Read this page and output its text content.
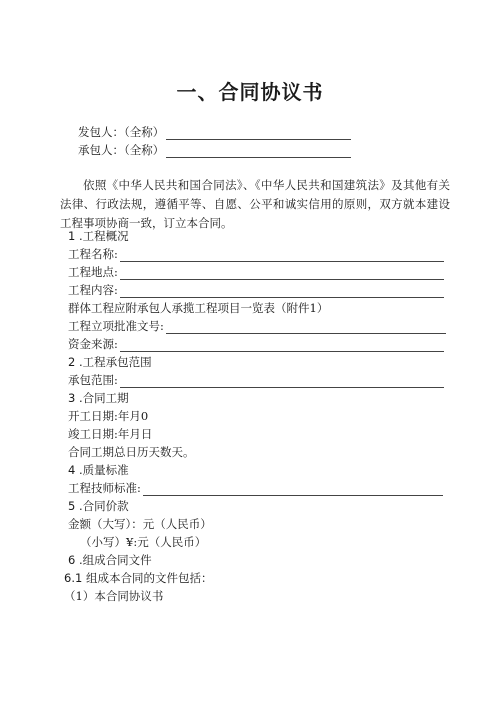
一、合同协议书
发包人：（全称）
承包人：（全称）
依照《中华人民共和国合同法》、《中华人民共和国建筑法》及其他有关法律、行政法规，遵循平等、自愿、公平和诚实信用的原则，双方就本建设工程事项协商一致，订立本合同。
1 .工程概况
工程名称:
工程地点:
工程内容:
群体工程应附承包人承揽工程项目一览表（附件1）
工程立项批准文号:
资金来源:
2 .工程承包范围
承包范围:
3 .合同工期
开工日期:年月0
竣工日期:年月日
合同工期总日历天数天。
4 .质量标准
工程技师标准:
5 .合同价款
金额（大写）：元（人民币）
（小写）¥:元（人民币）
6 .组成合同文件
6.1 组成本合同的文件包括：
（1）本合同协议书
